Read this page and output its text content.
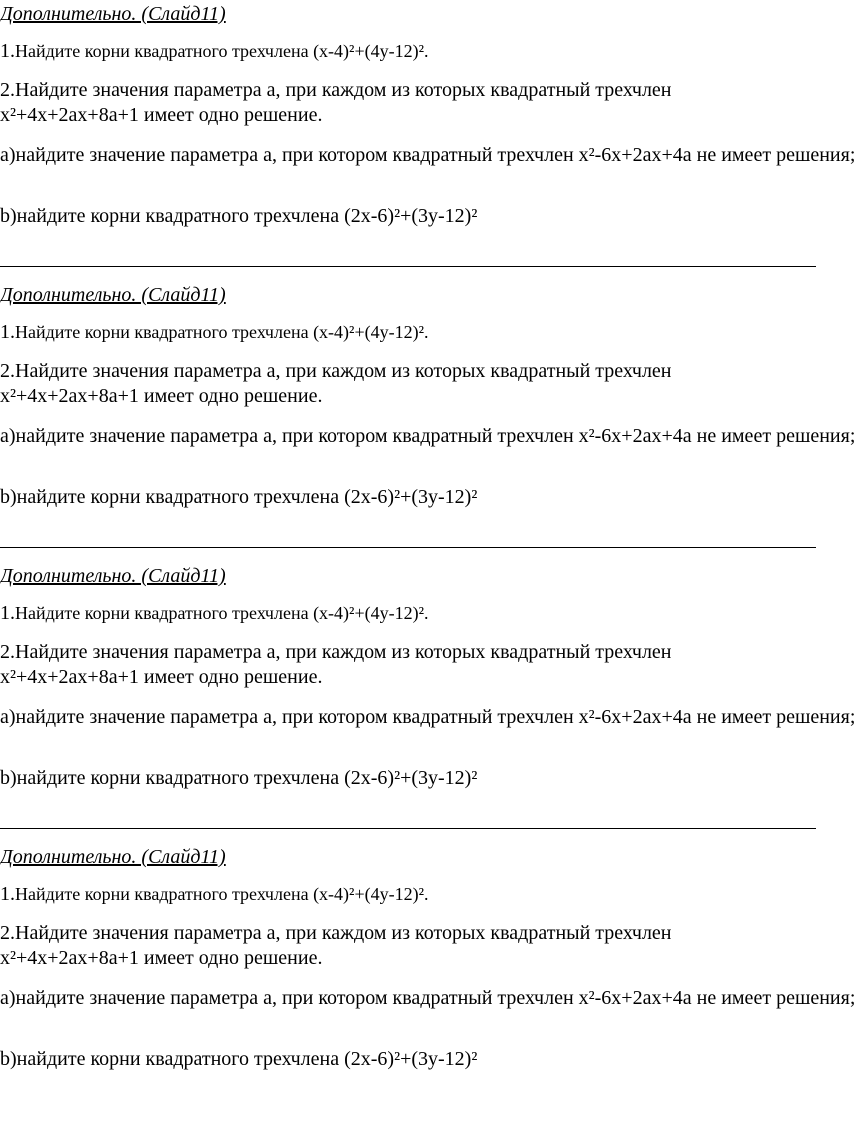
Дополнительно. (Слайд11)
1.Найдите корни квадратного трехчлена (x-4)²+(4y-12)².
2.Найдите значения параметра а, при каждом из которых квадратный трехчлен
х²+4х+2ах+8а+1 имеет одно решение.
а)найдите значение параметра а, при котором квадратный трехчлен х²-6х+2ах+4а не имеет решения;
b)найдите корни квадратного трехчлена (2x-6)²+(3y-12)²
Дополнительно. (Слайд11)
1.Найдите корни квадратного трехчлена (x-4)²+(4y-12)².
2.Найдите значения параметра а, при каждом из которых квадратный трехчлен
х²+4х+2ах+8а+1 имеет одно решение.
а)найдите значение параметра а, при котором квадратный трехчлен х²-6х+2ах+4а не имеет решения;
b)найдите корни квадратного трехчлена (2x-6)²+(3y-12)²
Дополнительно. (Слайд11)
1.Найдите корни квадратного трехчлена (x-4)²+(4y-12)².
2.Найдите значения параметра а, при каждом из которых квадратный трехчлен
х²+4х+2ах+8а+1 имеет одно решение.
а)найдите значение параметра а, при котором квадратный трехчлен х²-6х+2ах+4а не имеет решения;
b)найдите корни квадратного трехчлена (2x-6)²+(3y-12)²
Дополнительно. (Слайд11)
1.Найдите корни квадратного трехчлена (x-4)²+(4y-12)².
2.Найдите значения параметра а, при каждом из которых квадратный трехчлен
х²+4х+2ах+8а+1 имеет одно решение.
а)найдите значение параметра а, при котором квадратный трехчлен х²-6х+2ах+4а не имеет решения;
b)найдите корни квадратного трехчлена (2x-6)²+(3y-12)²
